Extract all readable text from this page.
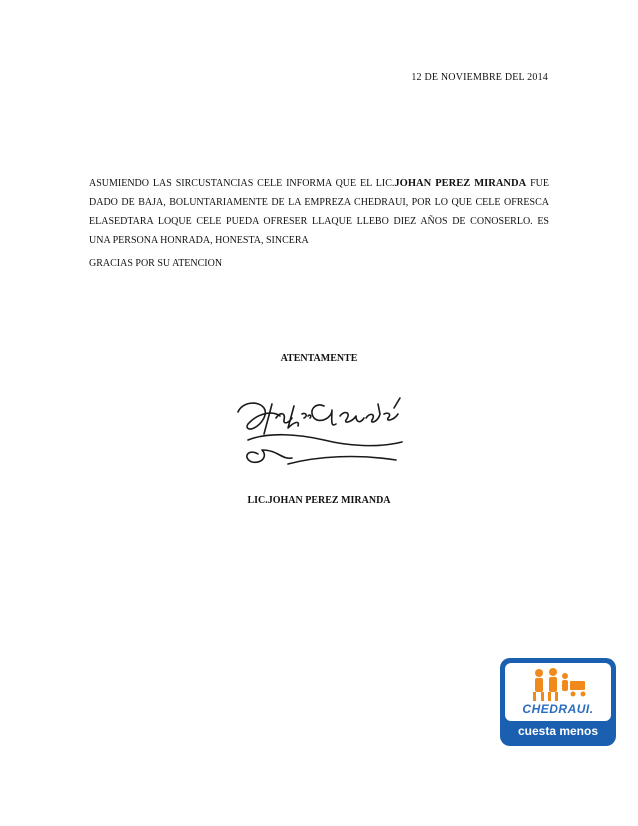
12 DE NOVIEMBRE DEL 2014

ASUMIENDO LAS SIRCUSTANCIAS CELE INFORMA QUE EL LIC.JOHAN PEREZ MIRANDA FUE DADO DE BAJA, BOLUNTARIAMENTE DE LA EMPREZA CHEDRAUI, POR LO QUE CELE OFRESCA ELASEDTARA LOQUE CELE PUEDA OFRESER LLAQUE LLEBO DIEZ AÑOS DE CONOSERLO. ES UNA PERSONA HONRADA, HONESTA, SINCERA

GRACIAS POR SU ATENCION
ATENTAMENTE
LIC.JOHAN PEREZ MIRANDA
CHEDRAUI.
cuesta menos
